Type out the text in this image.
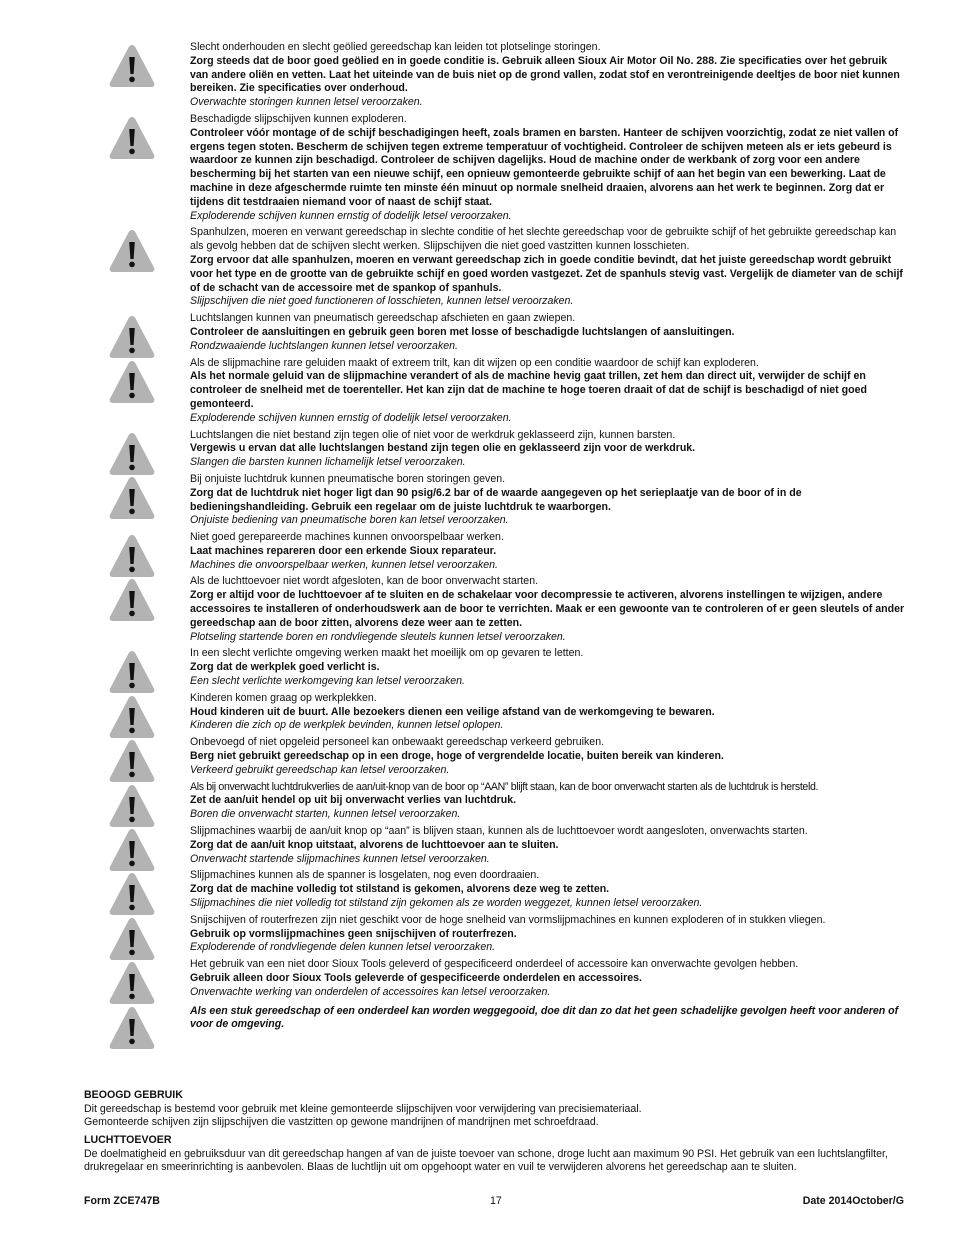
Slecht onderhouden en slecht geölied gereedschap kan leiden tot plotselinge storingen.

Zorg steeds dat de boor goed geölied en in goede conditie is. Gebruik alleen Sioux Air Motor Oil No. 288. Zie specificaties over het gebruik van andere oliën en vetten. Laat het uiteinde van de buis niet op de grond vallen, zodat stof en verontreinigende deeltjes de boor niet kunnen bereiken. Zie specificaties over onderhoud.

Overwachte storingen kunnen letsel veroorzaken.

Beschadigde slijpschijven kunnen exploderen.

Controleer vóór montage of de schijf beschadigingen heeft, zoals bramen en barsten. Hanteer de schijven voorzichtig, zodat ze niet vallen of ergens tegen stoten. Bescherm de schijven tegen extreme temperatuur of vochtigheid. Controleer de schijven meteen als er iets gebeurd is waardoor ze kunnen zijn beschadigd. Controleer de schijven dagelijks. Houd de machine onder de werkbank of zorg voor een andere bescherming bij het starten van een nieuwe schijf, een opnieuw gemonteerde gebruikte schijf of aan het begin van een bewerking. Laat de machine in deze afgeschermde ruimte ten minste één minuut op normale snelheid draaien, alvorens aan het werk te beginnen. Zorg dat er tijdens dit testdraaien niemand voor of naast de schijf staat.

Exploderende schijven kunnen ernstig of dodelijk letsel veroorzaken.

Spanhulzen, moeren en verwant gereedschap in slechte conditie of het slechte gereedschap voor de gebruikte schijf of het gebruikte gereedschap kan als gevolg hebben dat de schijven slecht werken. Slijpschijven die niet goed vastzitten kunnen losschieten.

Zorg ervoor dat alle spanhulzen, moeren en verwant gereedschap zich in goede conditie bevindt, dat het juiste gereedschap wordt gebruikt voor het type en de grootte van de gebruikte schijf en goed worden vastgezet. Zet de spanhuls stevig vast. Vergelijk de diameter van de schijf of de schacht van de accessoire met de spankop of spanhuls.

Slijpschijven die niet goed functioneren of losschieten, kunnen letsel veroorzaken.

Luchtslangen kunnen van pneumatisch gereedschap afschieten en gaan zwiepen.

Controleer de aansluitingen en gebruik geen boren met losse of beschadigde luchtslangen of aansluitingen.

Rondzwaaiende luchtslangen kunnen letsel veroorzaken.

Als de slijpmachine rare geluiden maakt of extreem trilt, kan dit wijzen op een conditie waardoor de schijf kan exploderen.

Als het normale geluid van de slijpmachine verandert of als de machine hevig gaat trillen, zet hem dan direct uit, verwijder de schijf en controleer de snelheid met de toerenteller. Het kan zijn dat de machine te hoge toeren draait of dat de schijf is beschadigd of niet goed gemonteerd.

Exploderende schijven kunnen ernstig of dodelijk letsel veroorzaken.

Luchtslangen die niet bestand zijn tegen olie of niet voor de werkdruk geklasseerd zijn, kunnen barsten.

Vergewis u ervan dat alle luchtslangen bestand zijn tegen olie en geklasseerd zijn voor de werkdruk.

Slangen die barsten kunnen lichamelijk letsel veroorzaken.

Bij onjuiste luchtdruk kunnen pneumatische boren storingen geven.

Zorg dat de luchtdruk niet hoger ligt dan 90 psig/6.2 bar of de waarde aangegeven op het serieplaatje van de boor of in de bedieningshandleiding. Gebruik een regelaar om de juiste luchtdruk te waarborgen.

Onjuiste bediening van pneumatische boren kan letsel veroorzaken.

Niet goed gerepareerde machines kunnen onvoorspelbaar werken.

Laat machines repareren door een erkende Sioux reparateur.

Machines die onvoorspelbaar werken, kunnen letsel veroorzaken.

Als de luchttoevoer niet wordt afgesloten, kan de boor onverwacht starten.

Zorg er altijd voor de luchttoevoer af te sluiten en de schakelaar voor decompressie te activeren, alvorens instellingen te wijzigen, andere accessoires te installeren of onderhoudswerk aan de boor te verrichten. Maak er een gewoonte van te controleren of er geen sleutels of ander gereedschap aan de boor zitten, alvorens deze weer aan te zetten.

Plotseling startende boren en rondvliegende sleutels kunnen letsel veroorzaken.

In een slecht verlichte omgeving werken maakt het moeilijk om op gevaren te letten.

Zorg dat de werkplek goed verlicht is.

Een slecht verlichte werkomgeving kan letsel veroorzaken.

Kinderen komen graag op werkplekken.

Houd kinderen uit de buurt. Alle bezoekers dienen een veilige afstand van de werkomgeving te bewaren.

Kinderen die zich op de werkplek bevinden, kunnen letsel oplopen.

Onbevoegd of niet opgeleid personeel kan onbewaakt gereedschap verkeerd gebruiken.

Berg niet gebruikt gereedschap op in een droge, hoge of vergrendelde locatie, buiten bereik van kinderen.

Verkeerd gebruikt gereedschap kan letsel veroorzaken.

Als bij onverwacht luchtdrukverlies de aan/uit-knop van de boor op “AAN” blijft staan, kan de boor onverwacht starten als de luchtdruk is hersteld.

Zet de aan/uit hendel op uit bij onverwacht verlies van luchtdruk.

Boren die onverwacht starten, kunnen letsel veroorzaken.

Slijpmachines waarbij de aan/uit knop op “aan” is blijven staan, kunnen als de luchttoevoer wordt aangesloten, onverwachts starten.

Zorg dat de aan/uit knop uitstaat, alvorens de luchttoevoer aan te sluiten.

Onverwacht startende slijpmachines kunnen letsel veroorzaken.

Slijpmachines kunnen als de spanner is losgelaten, nog even doordraaien.

Zorg dat de machine volledig tot stilstand is gekomen, alvorens deze weg te zetten.

Slijpmachines die niet volledig tot stilstand zijn gekomen als ze worden weggezet, kunnen letsel veroorzaken.

Snijschijven of routerfrezen zijn niet geschikt voor de hoge snelheid van vormslijpmachines en kunnen exploderen of in stukken vliegen.

Gebruik op vormslijpmachines geen snijschijven of routerfrezen.

Exploderende of rondvliegende delen kunnen letsel veroorzaken.

Het gebruik van een niet door Sioux Tools geleverd of gespecificeerd onderdeel of accessoire kan onverwachte gevolgen hebben.

Gebruik alleen door Sioux Tools geleverde of gespecificeerde onderdelen en accessoires.

Onverwachte werking van onderdelen of accessoires kan letsel veroorzaken.

Als een stuk gereedschap of een onderdeel kan worden weggegooid, doe dit dan zo dat het geen schadelijke gevolgen heeft voor anderen of voor de omgeving.

BEOOGD GEBRUIK

Dit gereedschap is bestemd voor gebruik met kleine gemonteerde slijpschijven voor verwijdering van precisiemateriaal.

Gemonteerde schijven zijn slijpschijven die vastzitten op gewone mandrijnen of mandrijnen met schroefdraad.

LUCHTTOEVOER

De doelmatigheid en gebruiksduur van dit gereedschap hangen af van de juiste toevoer van schone, droge lucht aan maximum 90 PSI. Het gebruik van een luchtslangfilter, drukregelaar en smeerinrichting is aanbevolen. Blaas de luchtlijn uit om opgehoopt water en vuil te verwijderen alvorens het gereedschap aan te sluiten.

Form ZCE747B	17	Date 2014October/G
